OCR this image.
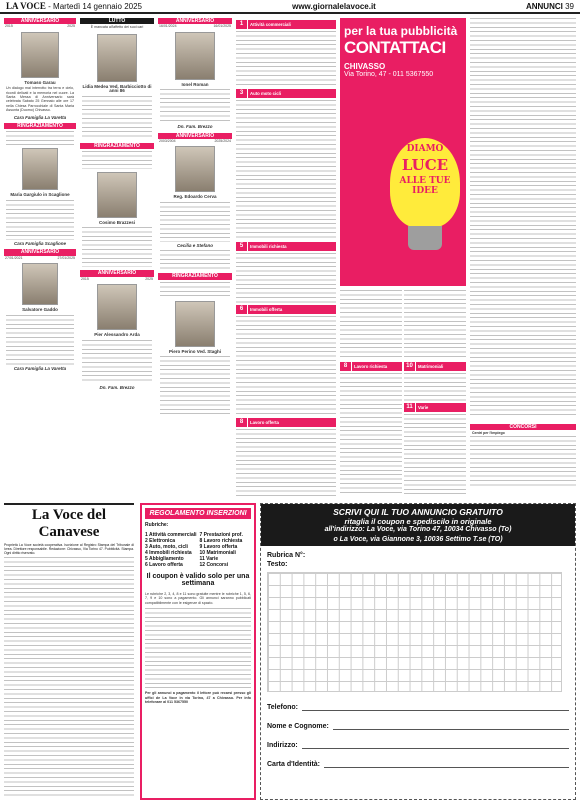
LA VOCE - Martedì 14 gennaio 2025	www.giornalelavoce.it	ANNUNCI 39
ANNIVERSARIO
2015	2025
Tomaso Garau
Un dialogo mai interrotto tra terra e cielo, ricordi delicati e la memoria nel cuore. La Santa Messa di Anniversario sarà celebrata Sabato 25 Gennaio alle ore 17 nella Chiesa Parrocchiale di Santa Maria Assunta (Duomo) Chivasso.
Cara Famiglia La Varetta
RINGRAZIAMENTO
Maria Gargiulo in Scaglione
Cara Famiglia Scaglione
ANNIVERSARIO
27/01/2021	27/01/2025
Salvatore Gaddo
Cara Famiglia La Varetta
LUTTO
È mancata all'affetto dei suoi cari
Lidia Medea Ved. Barbicciotto di anni 86
RINGRAZIAMENTO
Cosimo Brazzesi
ANNIVERSARIO
2015	2025
Pier Alessandro Arda
Dn. Fam. Brezzo
ANNIVERSARIO
16/01/2024	16/01/2025
Ionel Roman
Dn. Fam. Brezzo
ANNIVERSARIO
2003/2004	2025/2024
Reg. Edoardo Cerva
Cecilia e Stefano
RINGRAZIAMENTO
Piero Perino Ved. Staghi
1	Attività commerciali
3	Auto moto cicli
5	Immobili richiesta
6	Immobili offerta
8	Lavoro offerta
per la tua pubblicità
CONTATTACI
CHIVASSO
Via Torino, 47 - 011 5367550
DIAMO
LUCE
ALLE TUE IDEE
8	Lavoro richiesta	10	Matrimoniali
11	Varie
CONCORSI
Centri per l'impiego
La Voce del Canavese
Proprietà La Voce società cooperativa. Iscrizione al Registro Stampa del Tribunale di Ivrea. Direttore responsabile. Redazione: Chivasso, Via Torino 47. Pubblicità. Stampa. Ogni diritto riservato.
REGOLAMENTO INSERZIONI
Rubriche:
1 Attività commerciali 7 Prestazioni prof.
2 Elettronica	8 Lavoro richiesta
3 Auto, moto, cicli	9 Lavoro offerta
4 Immobili richiesta	10 Matrimoniali
5 Abbigliamento	11 Varie
6 Lavoro offerta	12 Concorsi
Il coupon è valido solo per una settimana
Le rubriche 2, 3, 4, 8 e 11 sono gratuite mentre le rubriche 1, 5, 6, 7, 9 e 10 sono a pagamento. Gli annunci saranno pubblicati compatibilmente con le esigenze di spazio.
Per gli annunci a pagamento il lettore può recarsi presso gli uffici de La Voce in via Torino, 47 a Chivasso. Per info telefonare al 011 5367550
SCRIVI QUI IL TUO ANNUNCIO GRATUITO
ritaglia il coupon e spediscilo in originale
all'indirizzo: La Voce, via Torino 47, 10034 Chivasso (To)
o La Voce, via Giannone 3, 10036 Settimo T.se (TO)
Rubrica N°:
Testo:
Telefono:
Nome e Cognome:
Indirizzo:
Carta d'Identità:
